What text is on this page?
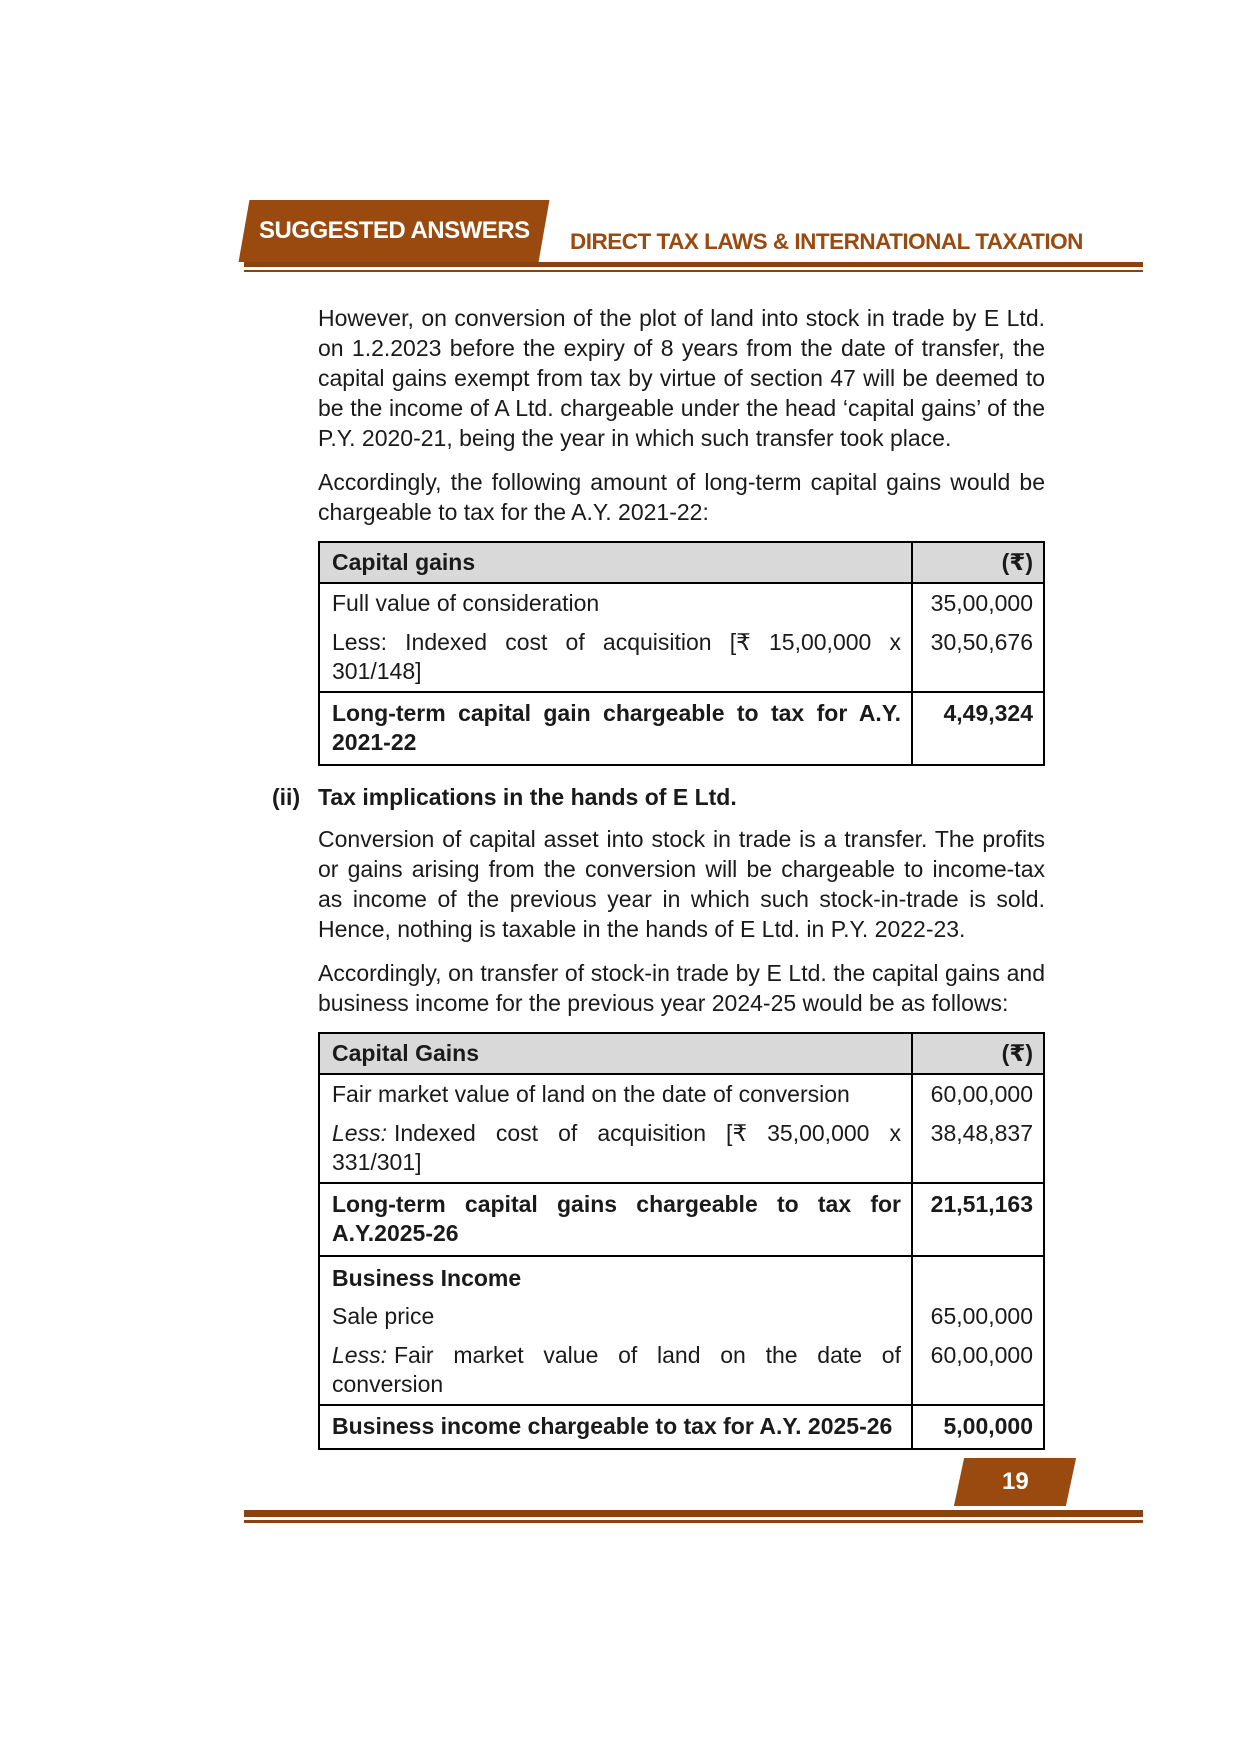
SUGGESTED ANSWERS DIRECT TAX LAWS & INTERNATIONAL TAXATION

However, on conversion of the plot of land into stock in trade by E Ltd. on 1.2.2023 before the expiry of 8 years from the date of transfer, the capital gains exempt from tax by virtue of section 47 will be deemed to be the income of A Ltd. chargeable under the head ‘capital gains’ of the P.Y. 2020-21, being the year in which such transfer took place.

Accordingly, the following amount of long-term capital gains would be chargeable to tax for the A.Y. 2021-22:

Capital gains	(₹)
Full value of consideration	35,00,000
Less: Indexed cost of acquisition [₹ 15,00,000 x 301/148]	30,50,676
Long-term capital gain chargeable to tax for A.Y. 2021-22	4,49,324
(ii) Tax implications in the hands of E Ltd.

Conversion of capital asset into stock in trade is a transfer. The profits or gains arising from the conversion will be chargeable to income-tax as income of the previous year in which such stock-in-trade is sold. Hence, nothing is taxable in the hands of E Ltd. in P.Y. 2022-23.

Accordingly, on transfer of stock-in trade by E Ltd. the capital gains and business income for the previous year 2024-25 would be as follows:

Capital Gains	(₹)
Fair market value of land on the date of conversion	60,00,000
Less: Indexed cost of acquisition [₹ 35,00,000 x 331/301]	38,48,837
Long-term capital gains chargeable to tax for A.Y.2025-26	21,51,163
Business Income	
Sale price	65,00,000
Less: Fair market value of land on the date of conversion	60,00,000
Business income chargeable to tax for A.Y. 2025-26	5,00,000
19
